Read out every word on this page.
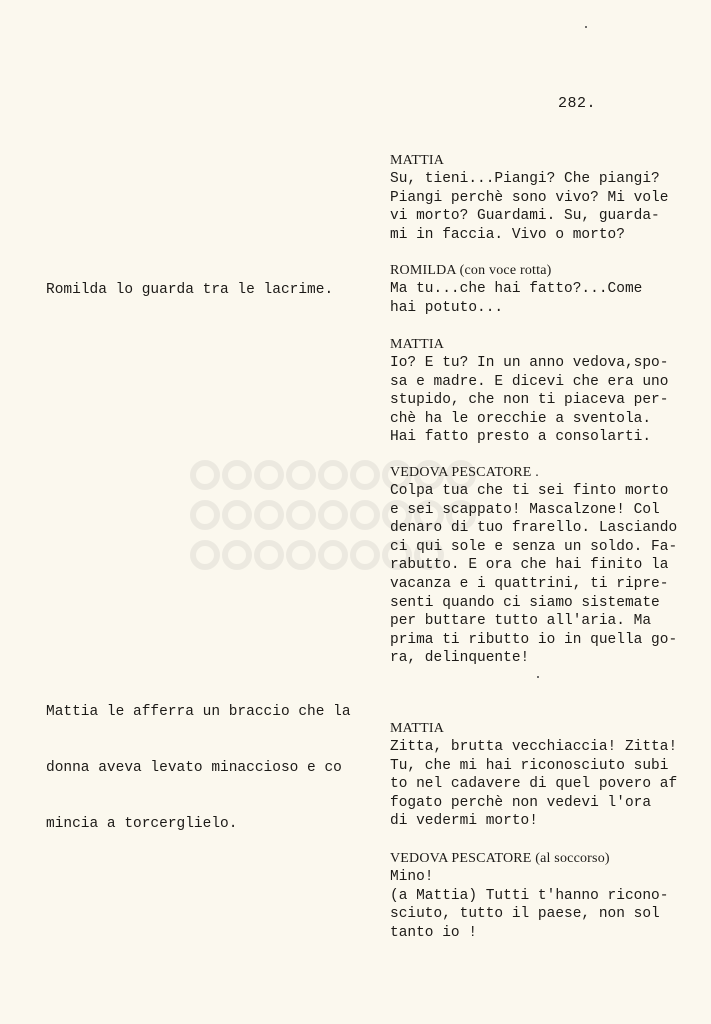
282.

Romilda lo guarda tra le lacrime.

Mattia le afferra un braccio che la

donna aveva levato minaccioso e co

mincia a torcerglielo.

MATTIA
Su, tieni...Piangi? Che piangi?
Piangi perchè sono vivo? Mi vole
vi morto? Guardami. Su, guarda-
mi in faccia. Vivo o morto?
ROMILDA (con voce rotta)
Ma tu...che hai fatto?...Come
hai potuto...
MATTIA
Io? E tu? In un anno vedova,spo-
sa e madre. E dicevi che era uno
stupido, che non ti piaceva per-
chè ha le orecchie a sventola.
Hai fatto presto a consolarti.
VEDOVA PESCATORE .
Colpa tua che ti sei finto morto
e sei scappato! Mascalzone! Col
denaro di tuo frarello. Lasciando
ci qui sole e senza un soldo. Fa-
rabutto. E ora che hai finito la
vacanza e i quattrini, ti ripre-
senti quando ci siamo sistemate
per buttare tutto all'aria. Ma
prima ti ributto io in quella go-
ra, delinquente!
MATTIA
Zitta, brutta vecchiaccia! Zitta!
Tu, che mi hai riconosciuto subi
to nel cadavere di quel povero af
fogato perchè non vedevi l'ora
di vedermi morto!
VEDOVA PESCATORE (al soccorso)
Mino!
(a Mattia) Tutti t'hanno ricono-
sciuto, tutto il paese, non sol
tanto io !
